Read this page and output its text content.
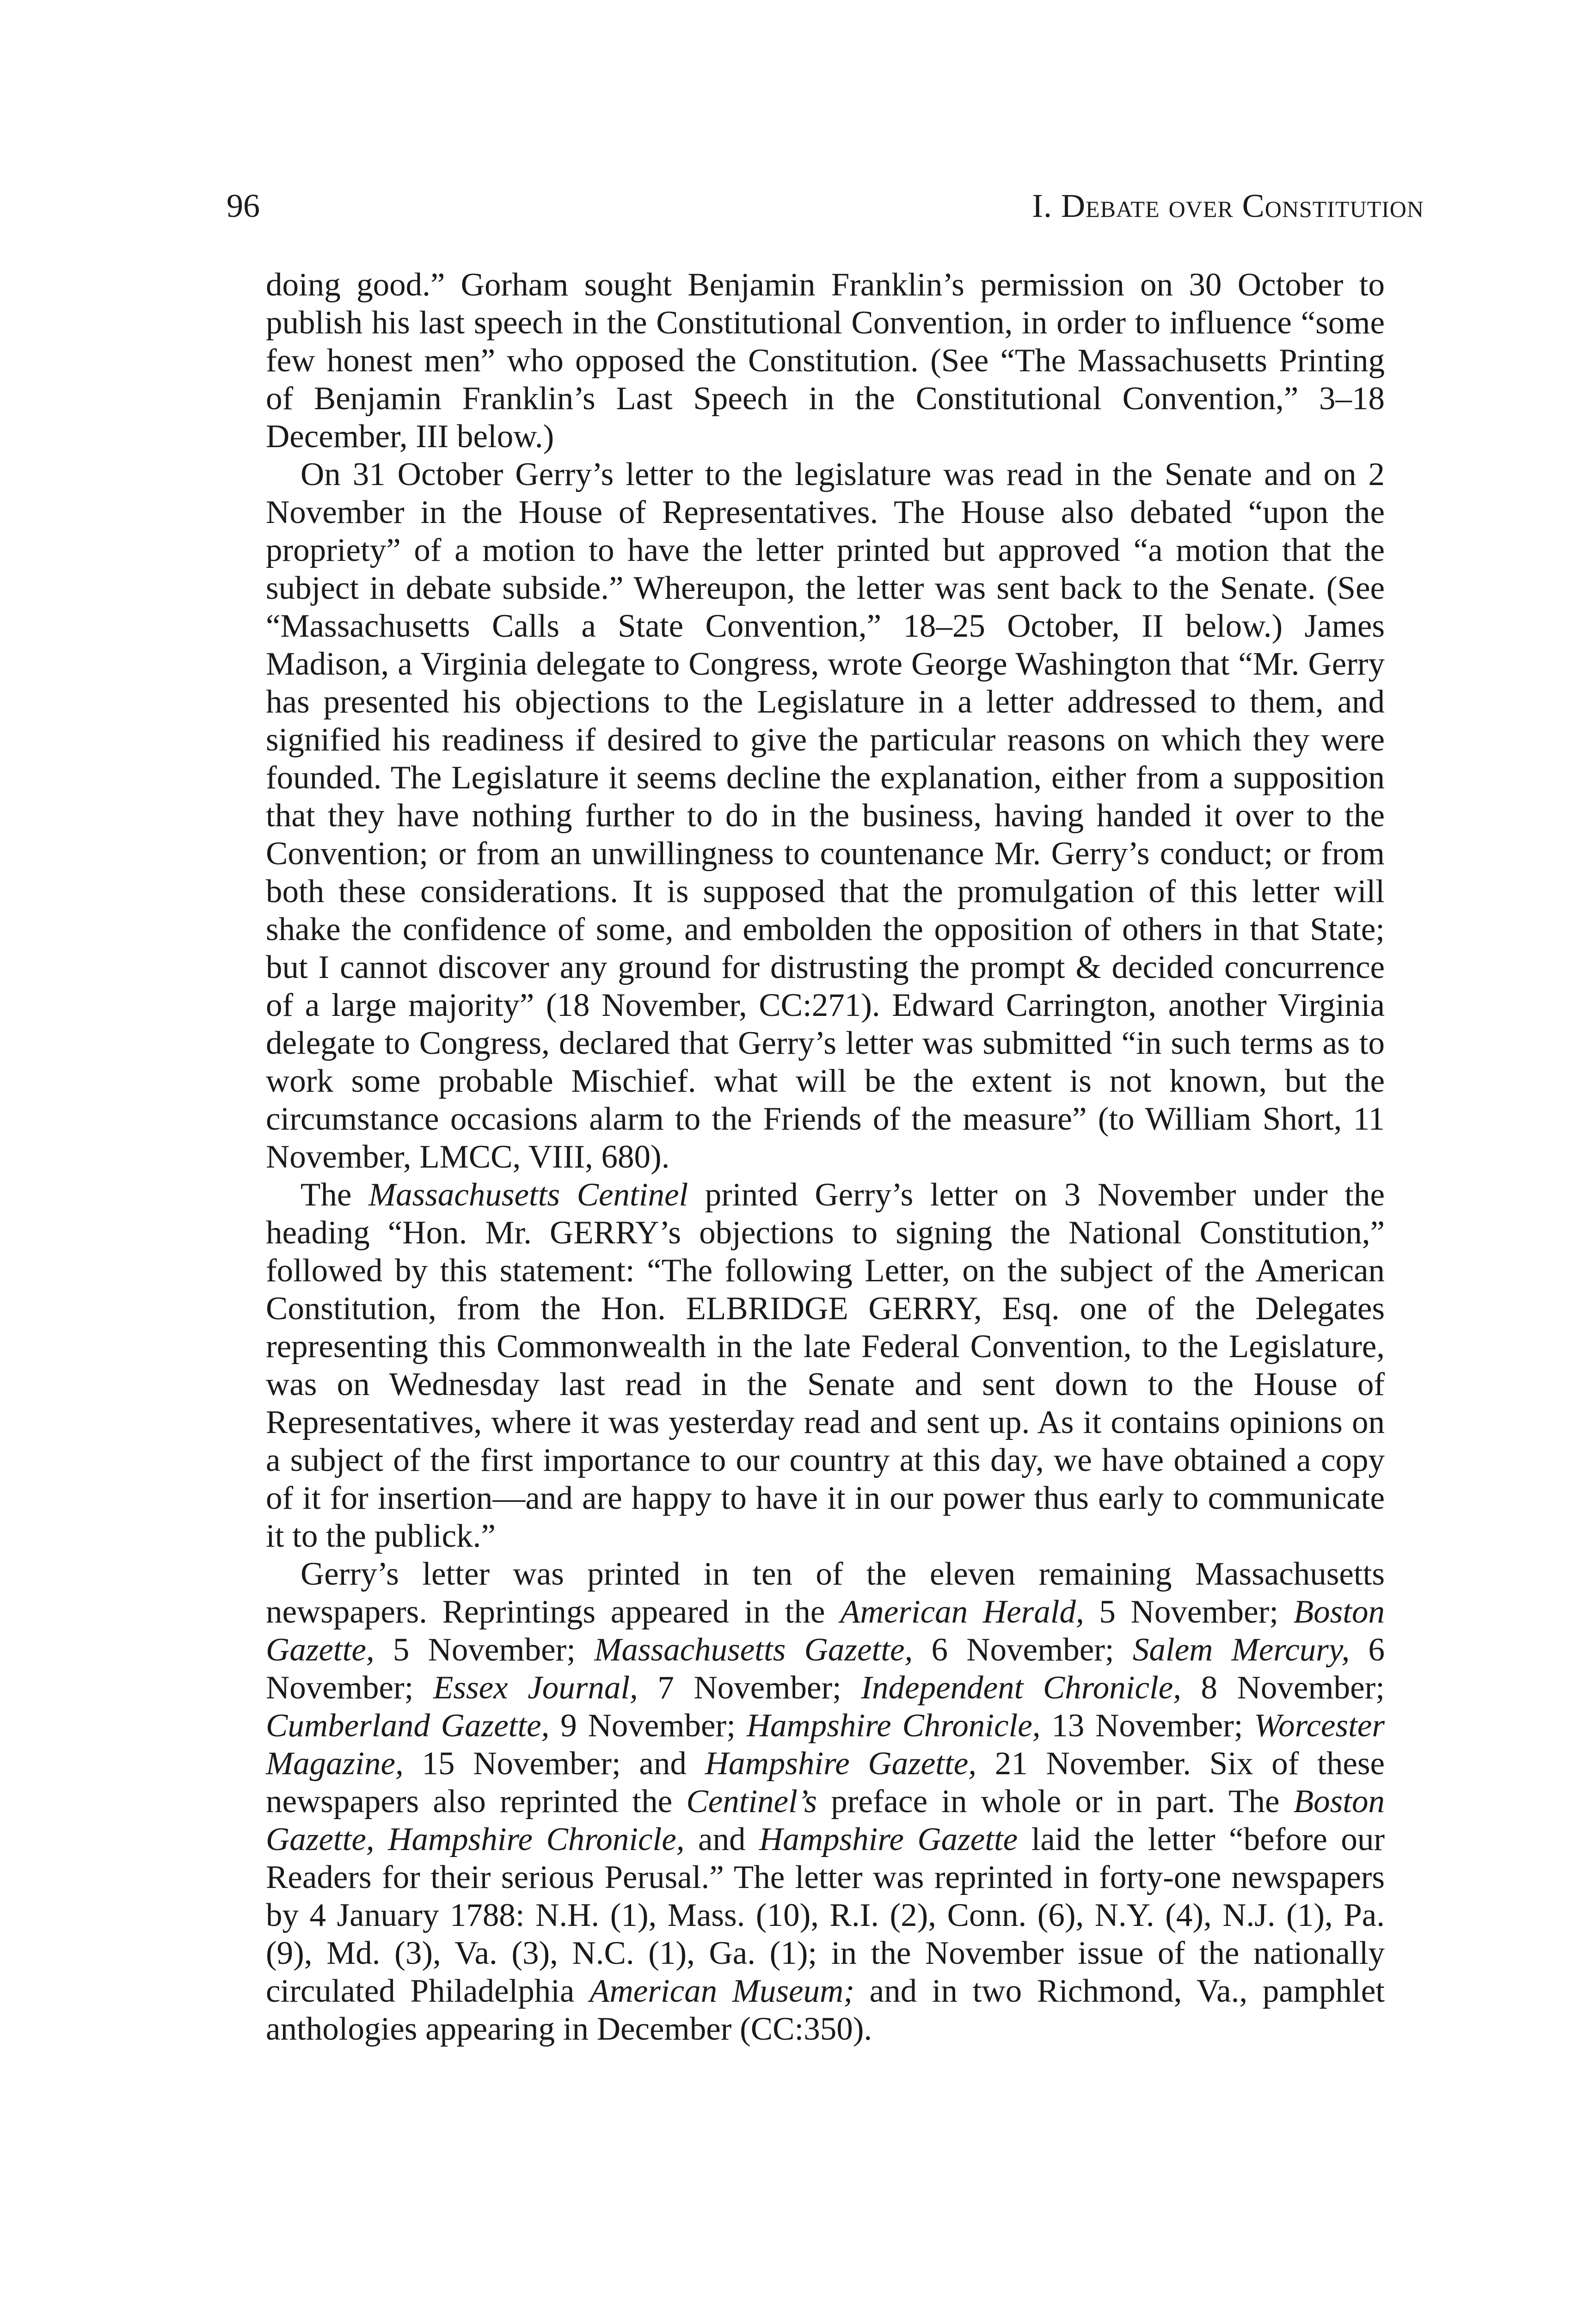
96	I. Debate over Constitution

doing good.” Gorham sought Benjamin Franklin’s permission on 30 October to publish his last speech in the Constitutional Convention, in order to influence “some few honest men” who opposed the Constitution. (See “The Massachusetts Printing of Benjamin Franklin’s Last Speech in the Constitutional Convention,” 3–18 December, III below.)

On 31 October Gerry’s letter to the legislature was read in the Senate and on 2 November in the House of Representatives. The House also debated “upon the propriety” of a motion to have the letter printed but approved “a motion that the subject in debate subside.” Whereupon, the letter was sent back to the Senate. (See “Massachusetts Calls a State Convention,” 18–25 October, II below.) James Madison, a Virginia delegate to Congress, wrote George Washington that “Mr. Gerry has presented his objections to the Legislature in a letter addressed to them, and signified his readiness if desired to give the particular reasons on which they were founded. The Legislature it seems decline the explanation, either from a supposition that they have nothing further to do in the business, having handed it over to the Convention; or from an unwillingness to countenance Mr. Gerry’s conduct; or from both these considerations. It is supposed that the promulgation of this letter will shake the confidence of some, and embolden the opposition of others in that State; but I cannot discover any ground for distrusting the prompt & decided concurrence of a large majority” (18 November, CC:271). Edward Carrington, another Virginia delegate to Congress, declared that Gerry’s letter was submitted “in such terms as to work some probable Mischief. what will be the extent is not known, but the circumstance occasions alarm to the Friends of the measure” (to William Short, 11 November, LMCC, VIII, 680).

The Massachusetts Centinel printed Gerry’s letter on 3 November under the heading “Hon. Mr. GERRY’s objections to signing the National Constitution,” followed by this statement: “The following Letter, on the subject of the American Constitution, from the Hon. ELBRIDGE GERRY, Esq. one of the Delegates representing this Commonwealth in the late Federal Convention, to the Legislature, was on Wednesday last read in the Senate and sent down to the House of Representatives, where it was yesterday read and sent up. As it contains opinions on a subject of the first importance to our country at this day, we have obtained a copy of it for insertion—and are happy to have it in our power thus early to communicate it to the publick.”

Gerry’s letter was printed in ten of the eleven remaining Massachusetts newspapers. Reprintings appeared in the American Herald, 5 November; Boston Gazette, 5 November; Massachusetts Gazette, 6 November; Salem Mercury, 6 November; Essex Journal, 7 November; Independent Chronicle, 8 November; Cumberland Gazette, 9 November; Hampshire Chronicle, 13 November; Worcester Magazine, 15 November; and Hampshire Gazette, 21 November. Six of these newspapers also reprinted the Centinel’s preface in whole or in part. The Boston Gazette, Hampshire Chronicle, and Hampshire Gazette laid the letter “before our Readers for their serious Perusal.” The letter was reprinted in forty-one newspapers by 4 January 1788: N.H. (1), Mass. (10), R.I. (2), Conn. (6), N.Y. (4), N.J. (1), Pa. (9), Md. (3), Va. (3), N.C. (1), Ga. (1); in the November issue of the nationally circulated Philadelphia American Museum; and in two Richmond, Va., pamphlet anthologies appearing in December (CC:350).
